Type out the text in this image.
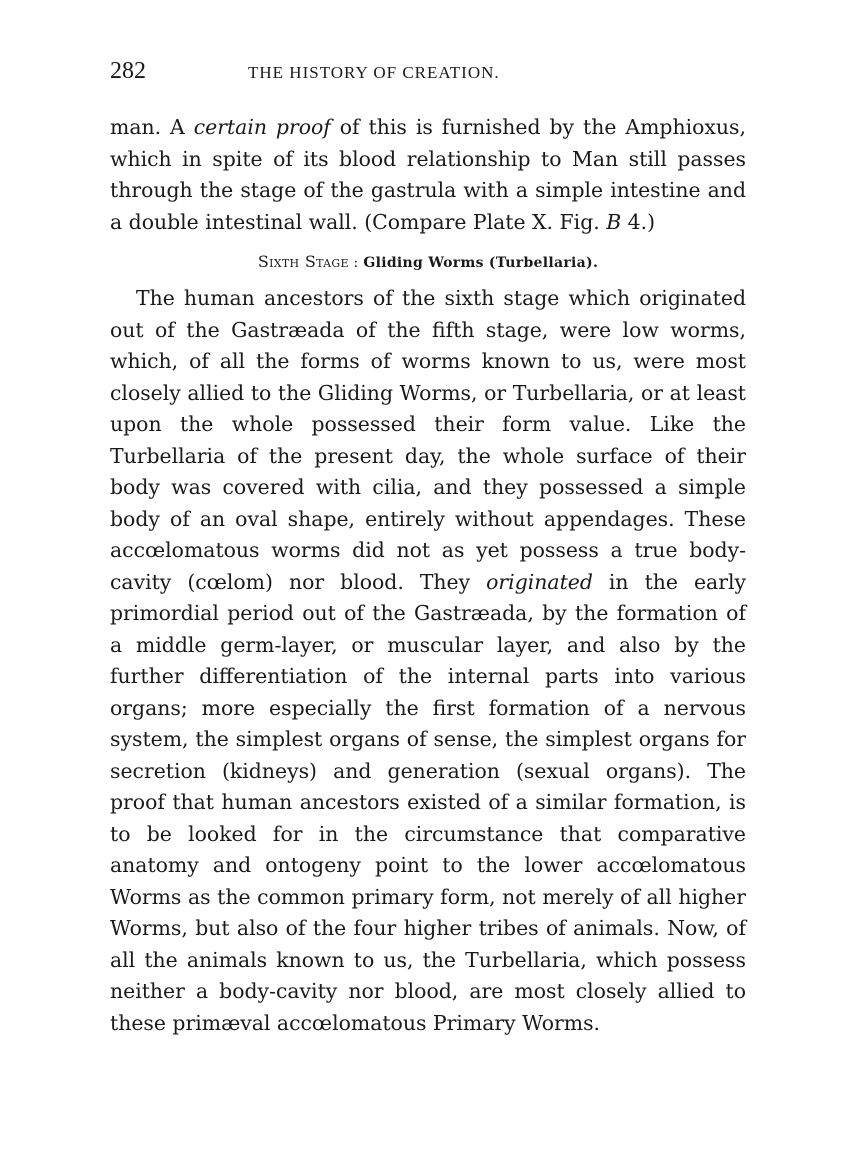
282	THE HISTORY OF CREATION.

man. A certain proof of this is furnished by the Amphioxus, which in spite of its blood relationship to Man still passes through the stage of the gastrula with a simple intestine and a double intestinal wall. (Compare Plate X. Fig. B 4.)

Sixth Stage : Gliding Worms (Turbellaria).

The human ancestors of the sixth stage which originated out of the Gastræada of the fifth stage, were low worms, which, of all the forms of worms known to us, were most closely allied to the Gliding Worms, or Turbellaria, or at least upon the whole possessed their form value. Like the Turbellaria of the present day, the whole surface of their body was covered with cilia, and they possessed a simple body of an oval shape, entirely without appendages. These accœlomatous worms did not as yet possess a true body-cavity (cœlom) nor blood. They originated in the early primordial period out of the Gastræada, by the formation of a middle germ-layer, or muscular layer, and also by the further differentiation of the internal parts into various organs; more especially the first formation of a nervous system, the simplest organs of sense, the simplest organs for secretion (kidneys) and generation (sexual organs). The proof that human ancestors existed of a similar formation, is to be looked for in the circumstance that comparative anatomy and ontogeny point to the lower accœlomatous Worms as the common primary form, not merely of all higher Worms, but also of the four higher tribes of animals. Now, of all the animals known to us, the Turbellaria, which possess neither a body-cavity nor blood, are most closely allied to these primæval accœlomatous Primary Worms.
